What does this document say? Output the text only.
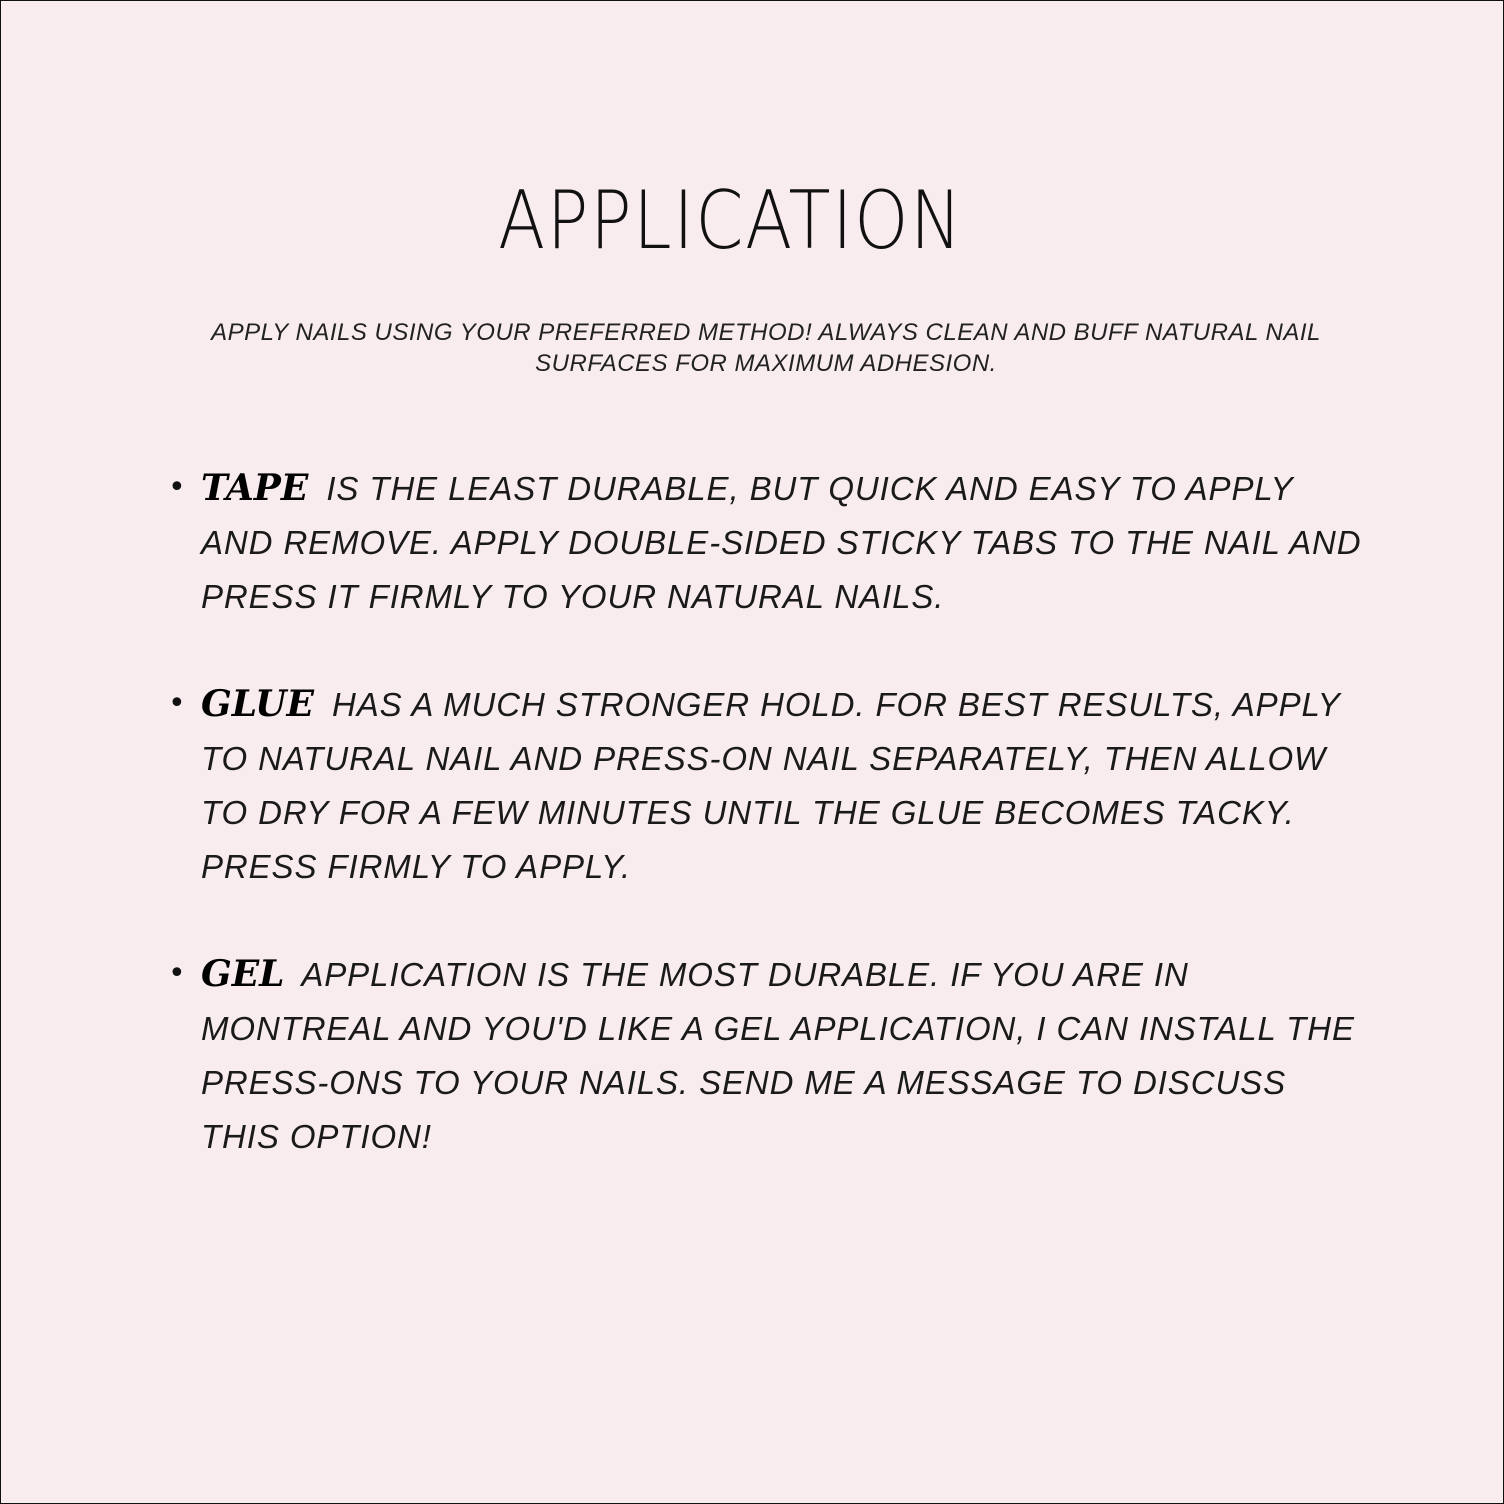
APPLICATION

APPLY NAILS USING YOUR PREFERRED METHOD! ALWAYS CLEAN AND BUFF NATURAL NAIL SURFACES FOR MAXIMUM ADHESION.

• TAPE IS THE LEAST DURABLE, BUT QUICK AND EASY TO APPLY AND REMOVE. APPLY DOUBLE-SIDED STICKY TABS TO THE NAIL AND PRESS IT FIRMLY TO YOUR NATURAL NAILS.

• GLUE HAS A MUCH STRONGER HOLD. FOR BEST RESULTS, APPLY TO NATURAL NAIL AND PRESS-ON NAIL SEPARATELY, THEN ALLOW TO DRY FOR A FEW MINUTES UNTIL THE GLUE BECOMES TACKY. PRESS FIRMLY TO APPLY.

• GEL APPLICATION IS THE MOST DURABLE. IF YOU ARE IN MONTREAL AND YOU'D LIKE A GEL APPLICATION, I CAN INSTALL THE PRESS-ONS TO YOUR NAILS. SEND ME A MESSAGE TO DISCUSS THIS OPTION!
